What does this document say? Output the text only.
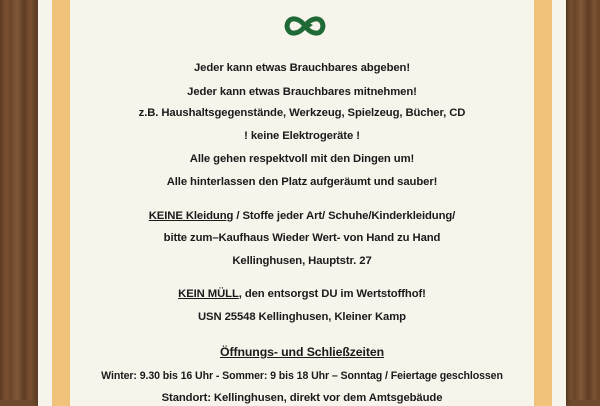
Jeder kann etwas Brauchbares abgeben!
Jeder kann etwas Brauchbares mitnehmen!
z.B. Haushaltsgegenstände, Werkzeug, Spielzeug, Bücher, CD
! keine Elektrogeräte !
Alle gehen respektvoll mit den Dingen um!
Alle hinterlassen den Platz aufgeräumt und sauber!
KEINE Kleidung / Stoffe jeder Art/ Schuhe/Kinderkleidung/
bitte zum–Kaufhaus Wieder Wert- von Hand zu Hand
Kellinghusen, Hauptstr. 27
KEIN MÜLL, den entsorgst DU im Wertstoffhof!
USN 25548 Kellinghusen, Kleiner Kamp
Öffnungs- und Schließzeiten
Winter: 9.30 bis 16 Uhr - Sommer: 9 bis 18 Uhr – Sonntag / Feiertage geschlossen
Standort: Kellinghusen, direkt vor dem Amtsgebäude
